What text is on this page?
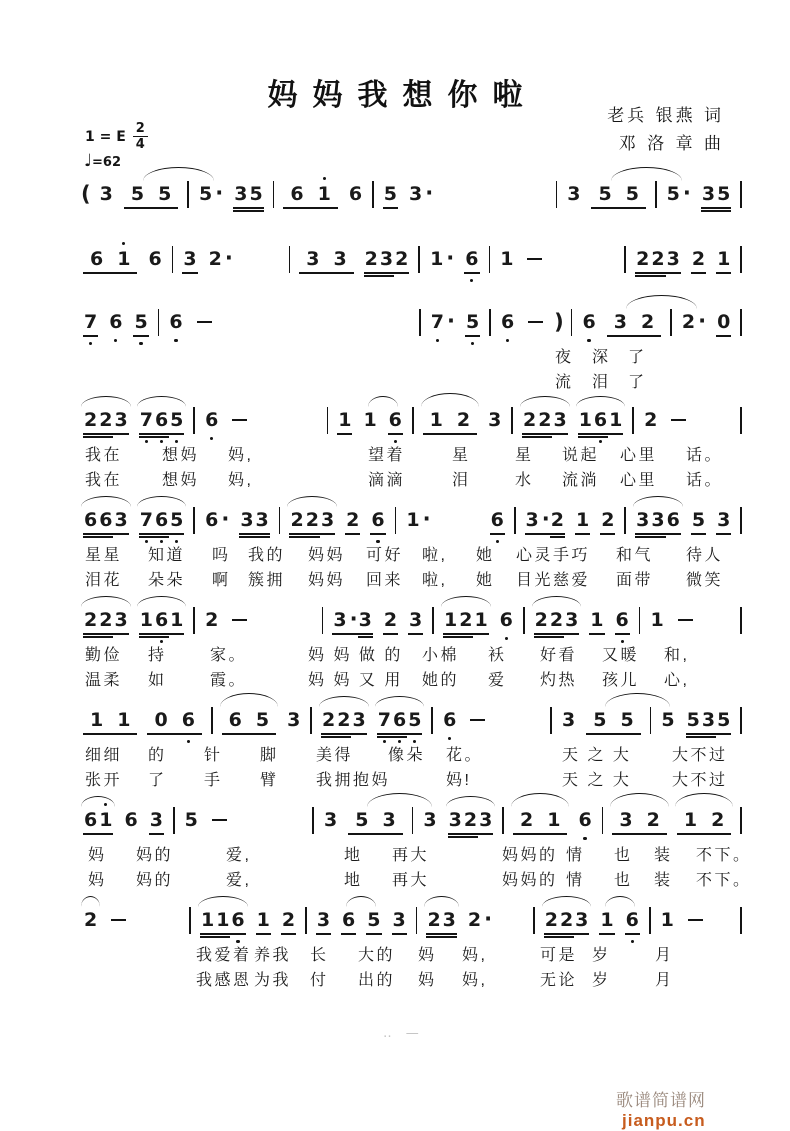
妈妈我想你啦
老兵 银燕 词
邓 洛 章 曲
1 = E $\frac{2}{4}$
♩=62
( 3 5 5 5 · 3 5 6 1 6 5 3 ·	3 5 5 5 · 3 5
6 1 6 3 2 ·	3 3 2 3 2 1 · 6 1	2 2 3 2 1
7 6 5 6	7 · 5 6 ) 6 3 2 2 · 0
夜 深 了
流 泪 了
2 2 3 7 6 5 6	1 1 6 1 2 3 2 2 3 1 6 1 2
我在 想妈 妈,	望着	星	星 说起 心里 话。
我在 想妈 妈,	滴滴	泪	水 流淌 心里 话。
6 6 3 7 6 5 6 · 3 3 2 2 3 2 6 1 ·	6 3 · 2 1 2 3 3 6 5 3
星星 知道 吗 我的 妈妈 可好 啦, 她 心灵手巧 和气 待人
泪花 朵朵 啊 簇拥 妈妈 回来 啦, 她 目光慈爱 面带 微笑
2 2 3 1 6 1 2	3 · 3 2 3 1 2 1 6 2 2 3 1 6 1
勤俭 持	家。	妈 妈 做 的 小棉 袄 好看 又暖 和,
温柔 如	霞。	妈 妈 又 用 她的 爱 灼热 孩儿 心,
1 1 0 6 6 5 3 2 2 3 7 6 5 6	3 5 5 5 5 3 5
细细 的 针 脚 美得 像朵 花。	天 之 大	大不过
张开 了 手 臂 我拥抱妈	妈!	天 之 大	大不过
6 1 6 3 5	3 5 3 3 3 2 3 2 1 6 3 2 1 2
妈 妈的	爱,	地 再大	妈妈的 情 也 装 不下。
妈 妈的	爱,	地 再大	妈妈的 情 也 装 不下。
2	1 1 6 1 2 3 6 5 3 2 3 2 ·	2 2 3 1 6 1
我爱着 养我 长 大的 妈 妈,	可是 岁	月
我感恩 为我 付 出的 妈 妈,	无论 岁	月
‥ —
歌谱简谱网jianpu.cn
